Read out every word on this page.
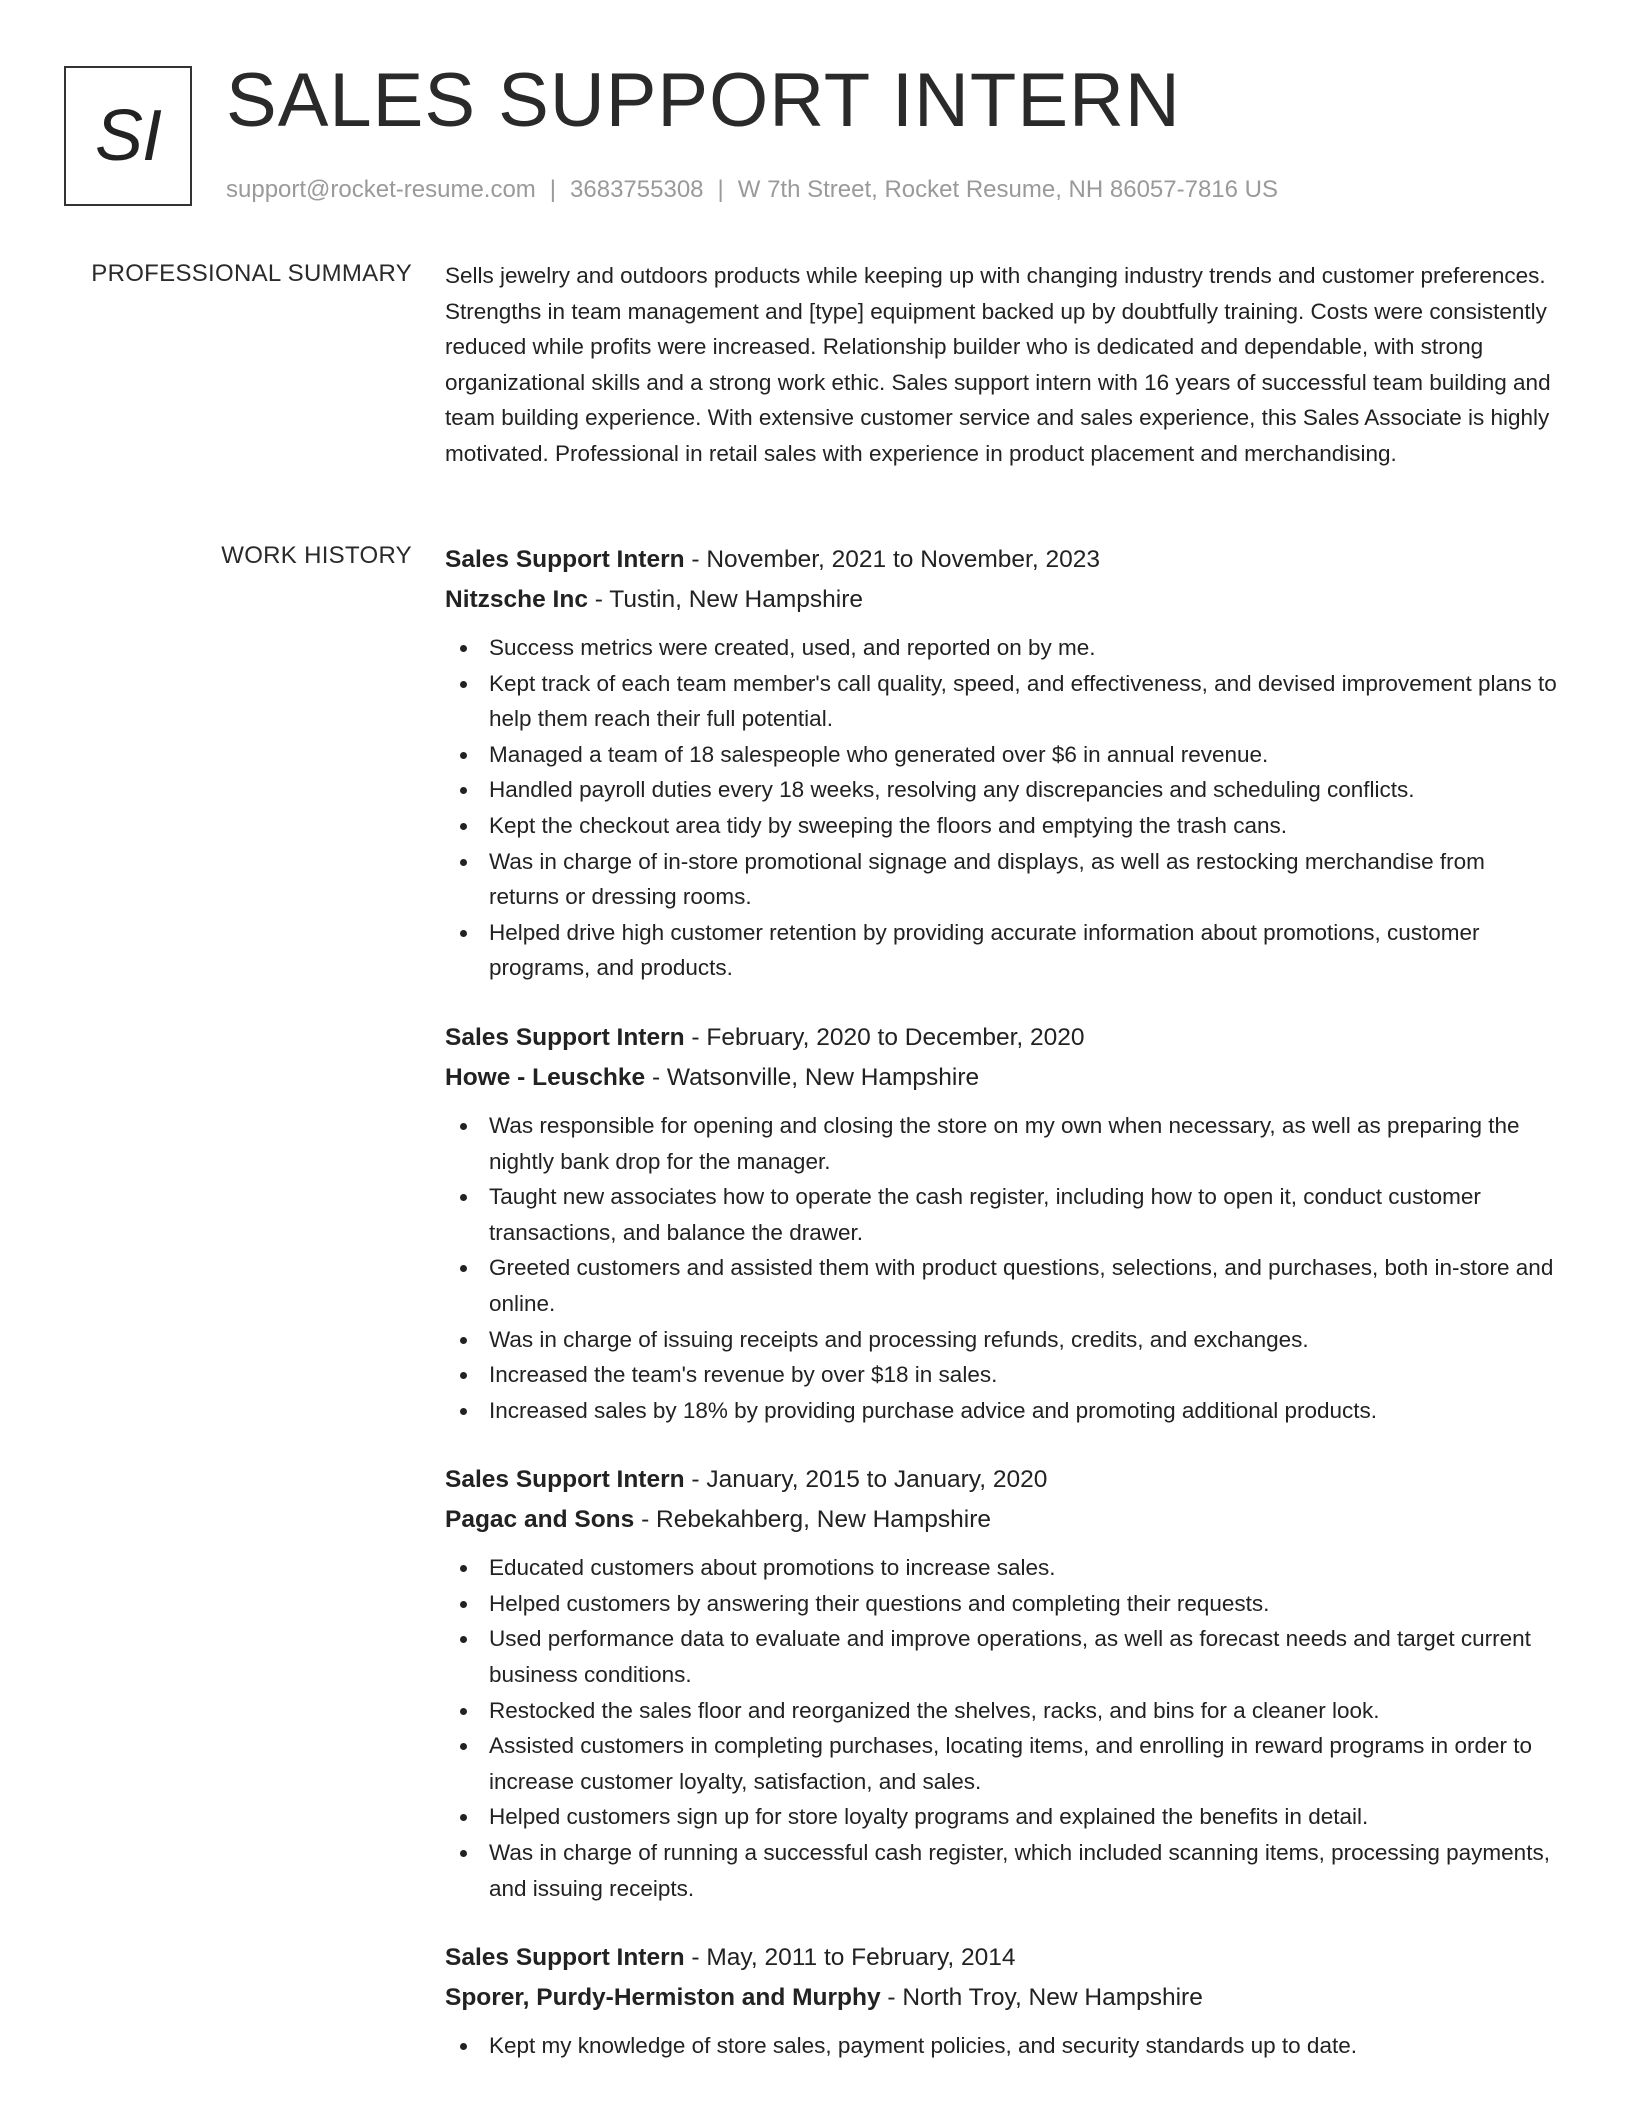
SI SALES SUPPORT INTERN
support@rocket-resume.com | 3683755308 | W 7th Street, Rocket Resume, NH 86057-7816 US
PROFESSIONAL SUMMARY Sells jewelry and outdoors products while keeping up with changing industry trends and customer preferences. Strengths in team management and [type] equipment backed up by doubtfully training. Costs were consistently reduced while profits were increased. Relationship builder who is dedicated and dependable, with strong organizational skills and a strong work ethic. Sales support intern with 16 years of successful team building and team building experience. With extensive customer service and sales experience, this Sales Associate is highly motivated. Professional in retail sales with experience in product placement and merchandising.

WORK HISTORY Sales Support Intern - November, 2021 to November, 2023
Nitzsche Inc - Tustin, New Hampshire
Success metrics were created, used, and reported on by me.
Kept track of each team member's call quality, speed, and effectiveness, and devised improvement plans to help them reach their full potential.
Managed a team of 18 salespeople who generated over $6 in annual revenue.
Handled payroll duties every 18 weeks, resolving any discrepancies and scheduling conflicts.
Kept the checkout area tidy by sweeping the floors and emptying the trash cans.
Was in charge of in-store promotional signage and displays, as well as restocking merchandise from returns or dressing rooms.
Helped drive high customer retention by providing accurate information about promotions, customer programs, and products.
Sales Support Intern - February, 2020 to December, 2020
Howe - Leuschke - Watsonville, New Hampshire
Was responsible for opening and closing the store on my own when necessary, as well as preparing the nightly bank drop for the manager.
Taught new associates how to operate the cash register, including how to open it, conduct customer transactions, and balance the drawer.
Greeted customers and assisted them with product questions, selections, and purchases, both in-store and online.
Was in charge of issuing receipts and processing refunds, credits, and exchanges.
Increased the team's revenue by over $18 in sales.
Increased sales by 18% by providing purchase advice and promoting additional products.
Sales Support Intern - January, 2015 to January, 2020
Pagac and Sons - Rebekahberg, New Hampshire
Educated customers about promotions to increase sales.
Helped customers by answering their questions and completing their requests.
Used performance data to evaluate and improve operations, as well as forecast needs and target current business conditions.
Restocked the sales floor and reorganized the shelves, racks, and bins for a cleaner look.
Assisted customers in completing purchases, locating items, and enrolling in reward programs in order to increase customer loyalty, satisfaction, and sales.
Helped customers sign up for store loyalty programs and explained the benefits in detail.
Was in charge of running a successful cash register, which included scanning items, processing payments, and issuing receipts.
Sales Support Intern - May, 2011 to February, 2014
Sporer, Purdy-Hermiston and Murphy - North Troy, New Hampshire
Kept my knowledge of store sales, payment policies, and security standards up to date.
